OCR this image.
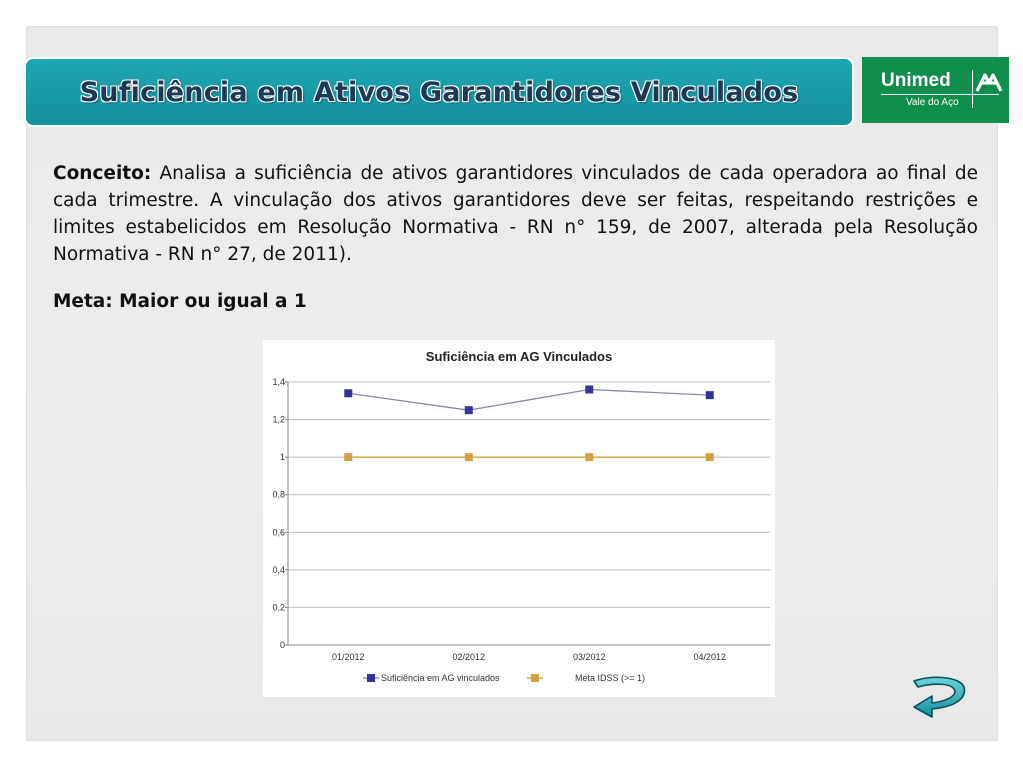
Suficiência em Ativos Garantidores Vinculados	Unimed
Vale do Aço
Conceito: Analisa a suficiência de ativos garantidores vinculados de cada operadora ao final de cada trimestre. A vinculação dos ativos garantidores deve ser feitas, respeitando restrições e limites estabelicidos em Resolução Normativa - RN n° 159, de 2007, alterada pela Resolução Normativa - RN n° 27, de 2011).
Meta: Maior ou igual a 1
Suficiência em AG Vinculados
0
0,2
0,4
0,6
0,8
1
1,2
1,4
01/2012	02/2012	03/2012	04/2012
Suficiência em AG vinculados	Meta IDSS (>= 1)
